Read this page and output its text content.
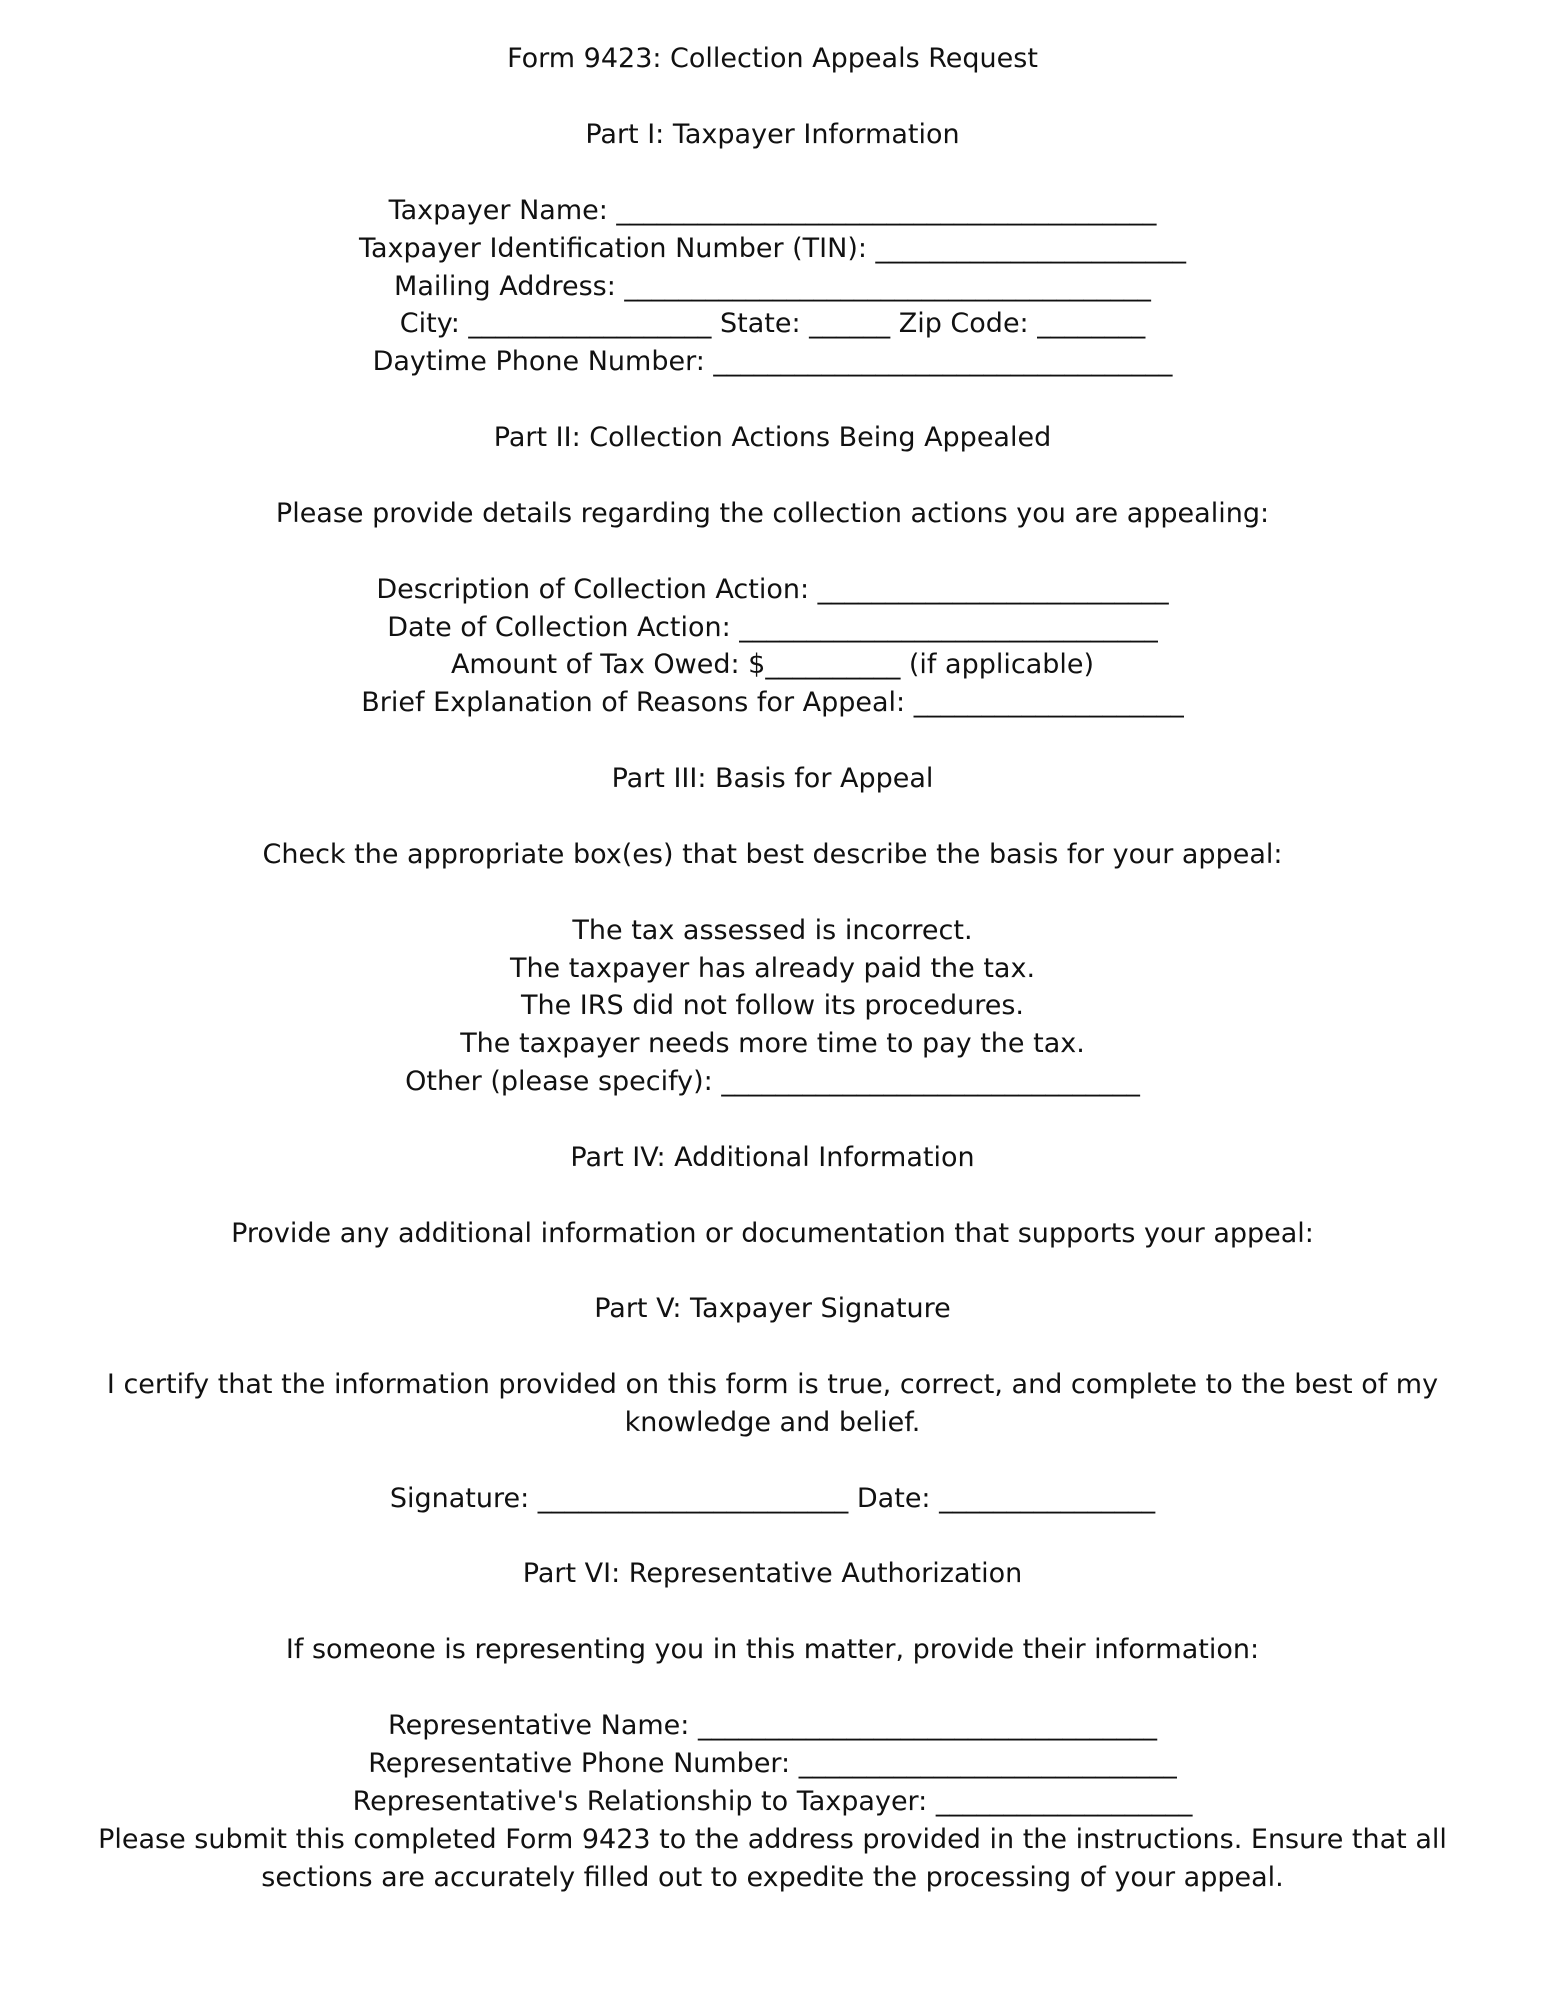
Form 9423: Collection Appeals Request
Part I: Taxpayer Information
Taxpayer Name: ________________________________________
Taxpayer Identification Number (TIN): _______________________
Mailing Address: _______________________________________
City: __________________ State: ______ Zip Code: ________
Daytime Phone Number: __________________________________
Part II: Collection Actions Being Appealed
Please provide details regarding the collection actions you are appealing:
Description of Collection Action: __________________________
Date of Collection Action: _______________________________
Amount of Tax Owed: $__________ (if applicable)
Brief Explanation of Reasons for Appeal: ____________________
Part III: Basis for Appeal
Check the appropriate box(es) that best describe the basis for your appeal:
The tax assessed is incorrect.
The taxpayer has already paid the tax.
The IRS did not follow its procedures.
The taxpayer needs more time to pay the tax.
Other (please specify): _______________________________
Part IV: Additional Information
Provide any additional information or documentation that supports your appeal:
Part V: Taxpayer Signature
I certify that the information provided on this form is true, correct, and complete to the best of my knowledge and belief.
Signature: _______________________ Date: ________________
Part VI: Representative Authorization
If someone is representing you in this matter, provide their information:
Representative Name: __________________________________
Representative Phone Number: ____________________________
Representative's Relationship to Taxpayer: ___________________
Please submit this completed Form 9423 to the address provided in the instructions. Ensure that all sections are accurately filled out to expedite the processing of your appeal.
